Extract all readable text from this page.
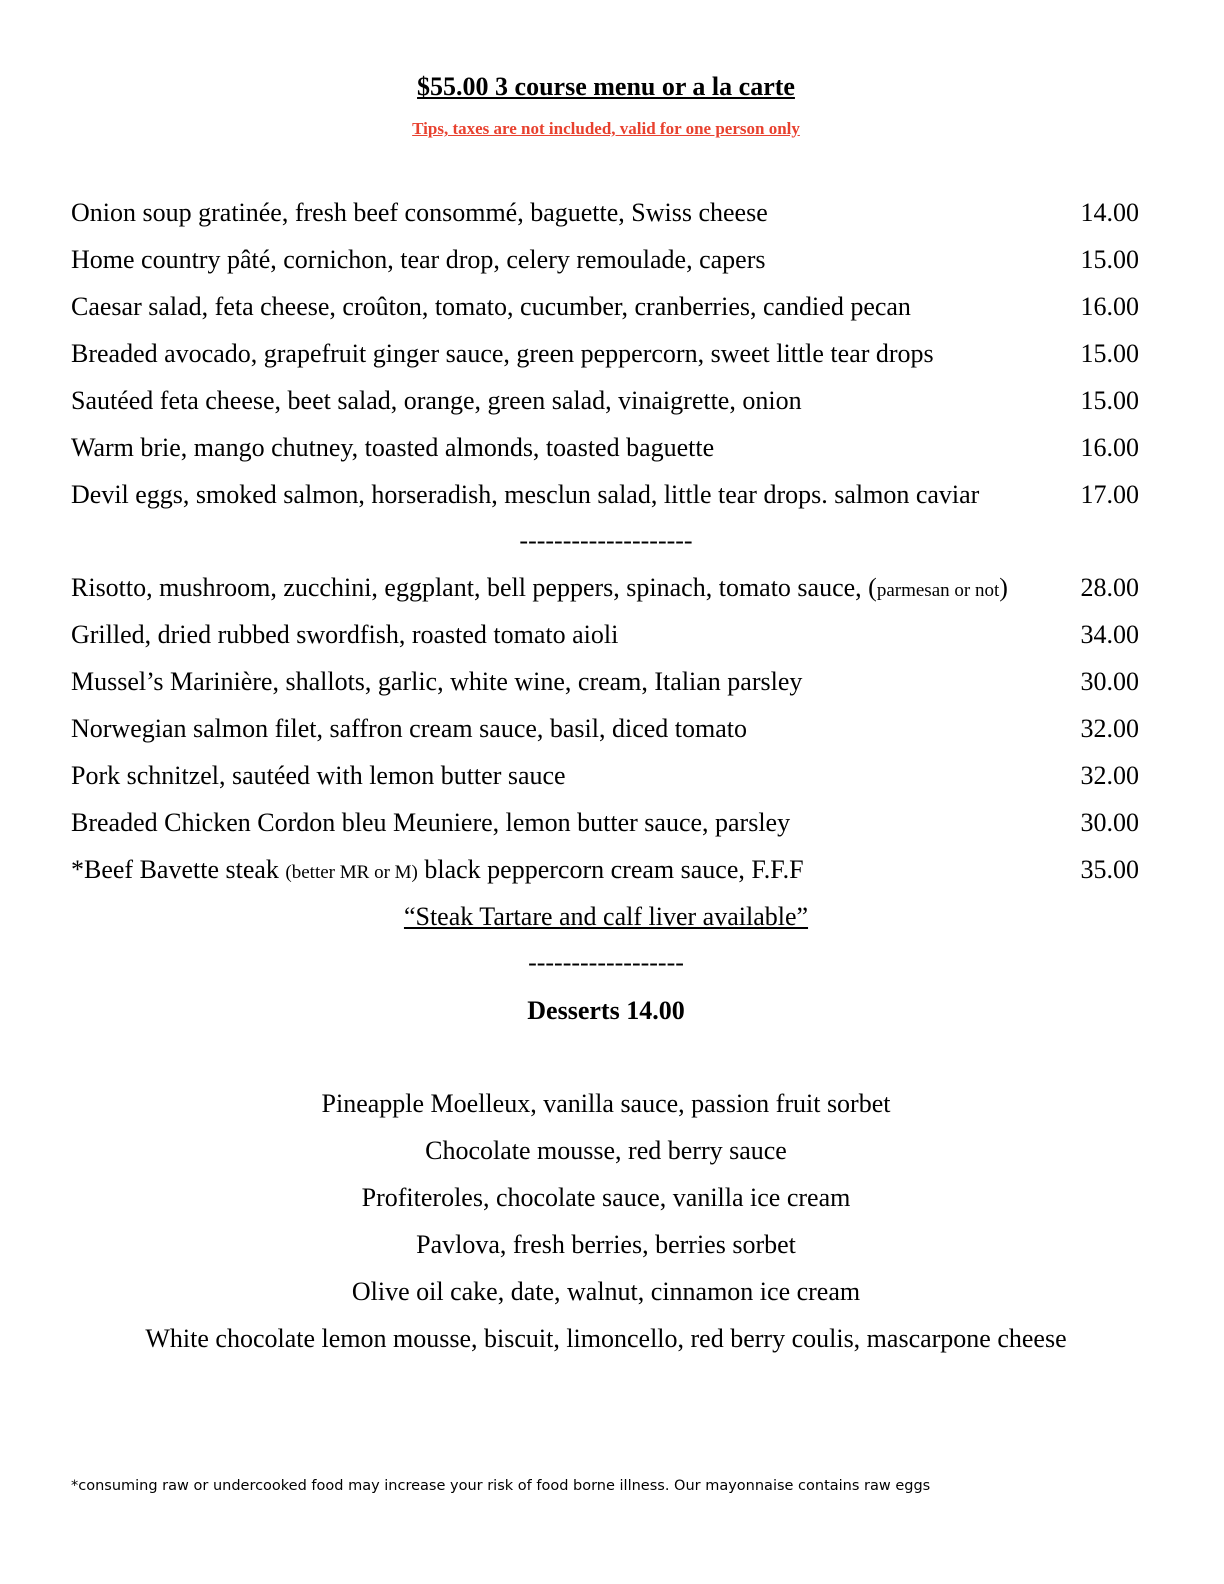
$55.00 3 course menu or a la carte
Tips, taxes are not included, valid for one person only
Onion soup gratinée, fresh beef consommé, baguette, Swiss cheese	14.00
Home country pâté, cornichon, tear drop, celery remoulade, capers	15.00
Caesar salad, feta cheese, croûton, tomato, cucumber, cranberries, candied pecan	16.00
Breaded avocado, grapefruit ginger sauce, green peppercorn, sweet little tear drops	15.00
Sautéed feta cheese, beet salad, orange, green salad, vinaigrette, onion	15.00
Warm brie, mango chutney, toasted almonds, toasted baguette	16.00
Devil eggs, smoked salmon, horseradish, mesclun salad, little tear drops. salmon caviar	17.00
--------------------
Risotto, mushroom, zucchini, eggplant, bell peppers, spinach, tomato sauce, (parmesan or not)	28.00
Grilled, dried rubbed swordfish, roasted tomato aioli	34.00
Mussel’s Marinière, shallots, garlic, white wine, cream, Italian parsley	30.00
Norwegian salmon filet, saffron cream sauce, basil, diced tomato	32.00
Pork schnitzel, sautéed with lemon butter sauce	32.00
Breaded Chicken Cordon bleu Meuniere, lemon butter sauce, parsley	30.00
*Beef Bavette steak (better MR or M) black peppercorn cream sauce, F.F.F	35.00
“Steak Tartare and calf liver available”
------------------
Desserts 14.00
Pineapple Moelleux, vanilla sauce, passion fruit sorbet
Chocolate mousse, red berry sauce
Profiteroles, chocolate sauce, vanilla ice cream
Pavlova, fresh berries, berries sorbet
Olive oil cake, date, walnut, cinnamon ice cream
White chocolate lemon mousse, biscuit, limoncello, red berry coulis, mascarpone cheese
*consuming raw or undercooked food may increase your risk of food borne illness. Our mayonnaise contains raw eggs
